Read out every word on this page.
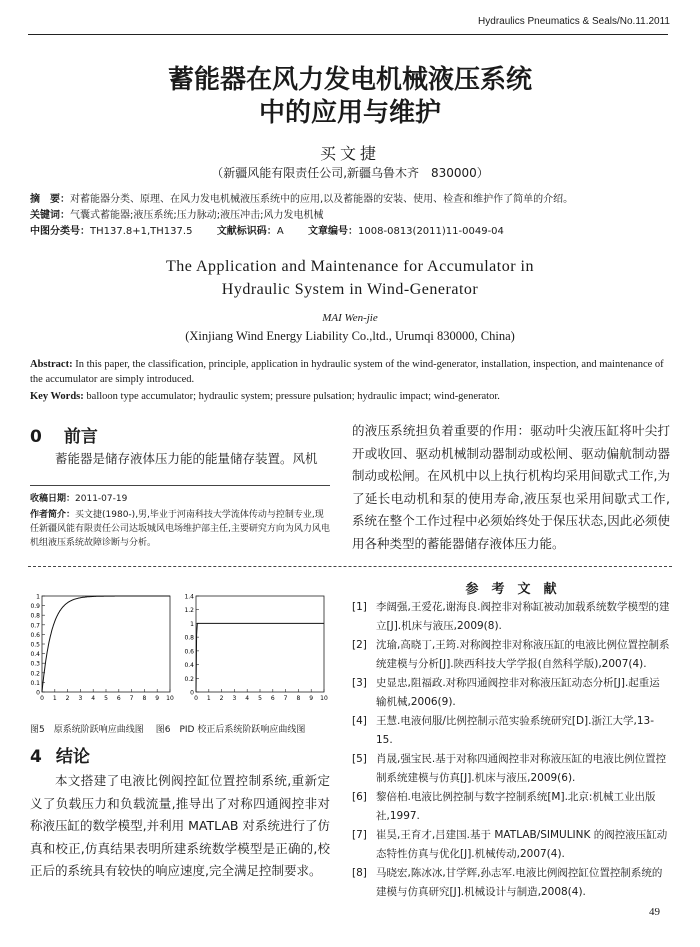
Hydraulics Pneumatics & Seals/No.11.2011
蓄能器在风力发电机械液压系统
中的应用与维护
买文捷
（新疆风能有限责任公司,新疆乌鲁木齐　830000）
摘　要：对蓄能器分类、原理、在风力发电机械液压系统中的应用,以及蓄能器的安装、使用、检查和维护作了简单的介绍。
关键词：气囊式蓄能器;液压系统;压力脉动;液压冲击;风力发电机械
中图分类号：TH137.8+1,TH137.5 文献标识码：A 文章编号：1008-0813(2011)11-0049-04
The Application and Maintenance for Accumulator in
Hydraulic System in Wind-Generator
MAI Wen-jie
(Xinjiang Wind Energy Liability Co.,ltd., Urumqi 830000, China)
Abstract: In this paper, the classification, principle, application in hydraulic system of the wind-generator, installation, inspection, and maintenance of the accumulator are simply introduced.
Key Words: balloon type accumulator; hydraulic system; pressure pulsation; hydraulic impact; wind-generator.
0 前言
蓄能器是储存液体压力能的能量储存装置。风机
收稿日期：2011-07-19
作者简介：买文捷(1980-),男,毕业于河南科技大学流体传动与控制专业,现任新疆风能有限责任公司达坂城风电场维护部主任,主要研究方向为风力风电机组液压系统故障诊断与分析。
的液压系统担负着重要的作用：驱动叶尖液压缸将叶尖打开或收回、驱动机械制动器制动或松闸、驱动偏航制动器制动或松闸。在风机中以上执行机构均采用间歇式工作,为了延长电动机和泵的使用寿命,液压泵也采用间歇式工作,系统在整个工作过程中必须始终处于保压状态,因此必须使用各种类型的蓄能器储存液体压力能。
1
0.9
0.8
0.7
0.6
0.5
0.4
0.3
0.2
0.1
0
0 1 2 3 4 5 6 7 8 9 10
1.4
1.2
1
0.8
0.6
0.4
0.2
0
0 1 2 3 4 5 6 7 8 9 10
图5　原系统阶跃响应曲线图 图6　PID 校正后系统阶跃响应曲线图
4 结论
本文搭建了电液比例阀控缸位置控制系统,重新定义了负载压力和负载流量,推导出了对称四通阀控非对称液压缸的数学模型,并利用 MATLAB 对系统进行了仿真和校正,仿真结果表明所建系统数学模型是正确的,校正后的系统具有较快的响应速度,完全满足控制要求。
参　考　文　献
[1] 李阔强,王爱花,谢海良.阀控非对称缸被动加载系统数学模型的建立[J].机床与液压,2009(8).
[2] 沈瑜,高晓丁,王筠.对称阀控非对称液压缸的电液比例位置控制系统建模与分析[J].陕西科技大学学报(自然科学版),2007(4).
[3] 史显忠,阻福政.对称四通阀控非对称液压缸动态分析[J].起重运输机械,2006(9).
[4] 王慧.电液伺服/比例控制示范实验系统研究[D].浙江大学,13-15.
[5] 肖晟,强宝民.基于对称四通阀控非对称液压缸的电液比例位置控制系统建模与仿真[J].机床与液压,2009(6).
[6] 黎倍柏.电液比例控制与数字控制系统[M].北京:机械工业出版社,1997.
[7] 崔昊,王育才,吕建国.基于 MATLAB/SIMULINK 的阀控液压缸动态特性仿真与优化[J].机械传动,2007(4).
[8] 马晓宏,陈冰冰,甘学辉,孙志军.电液比例阀控缸位置控制系统的建模与仿真研究[J].机械设计与制造,2008(4).
49
